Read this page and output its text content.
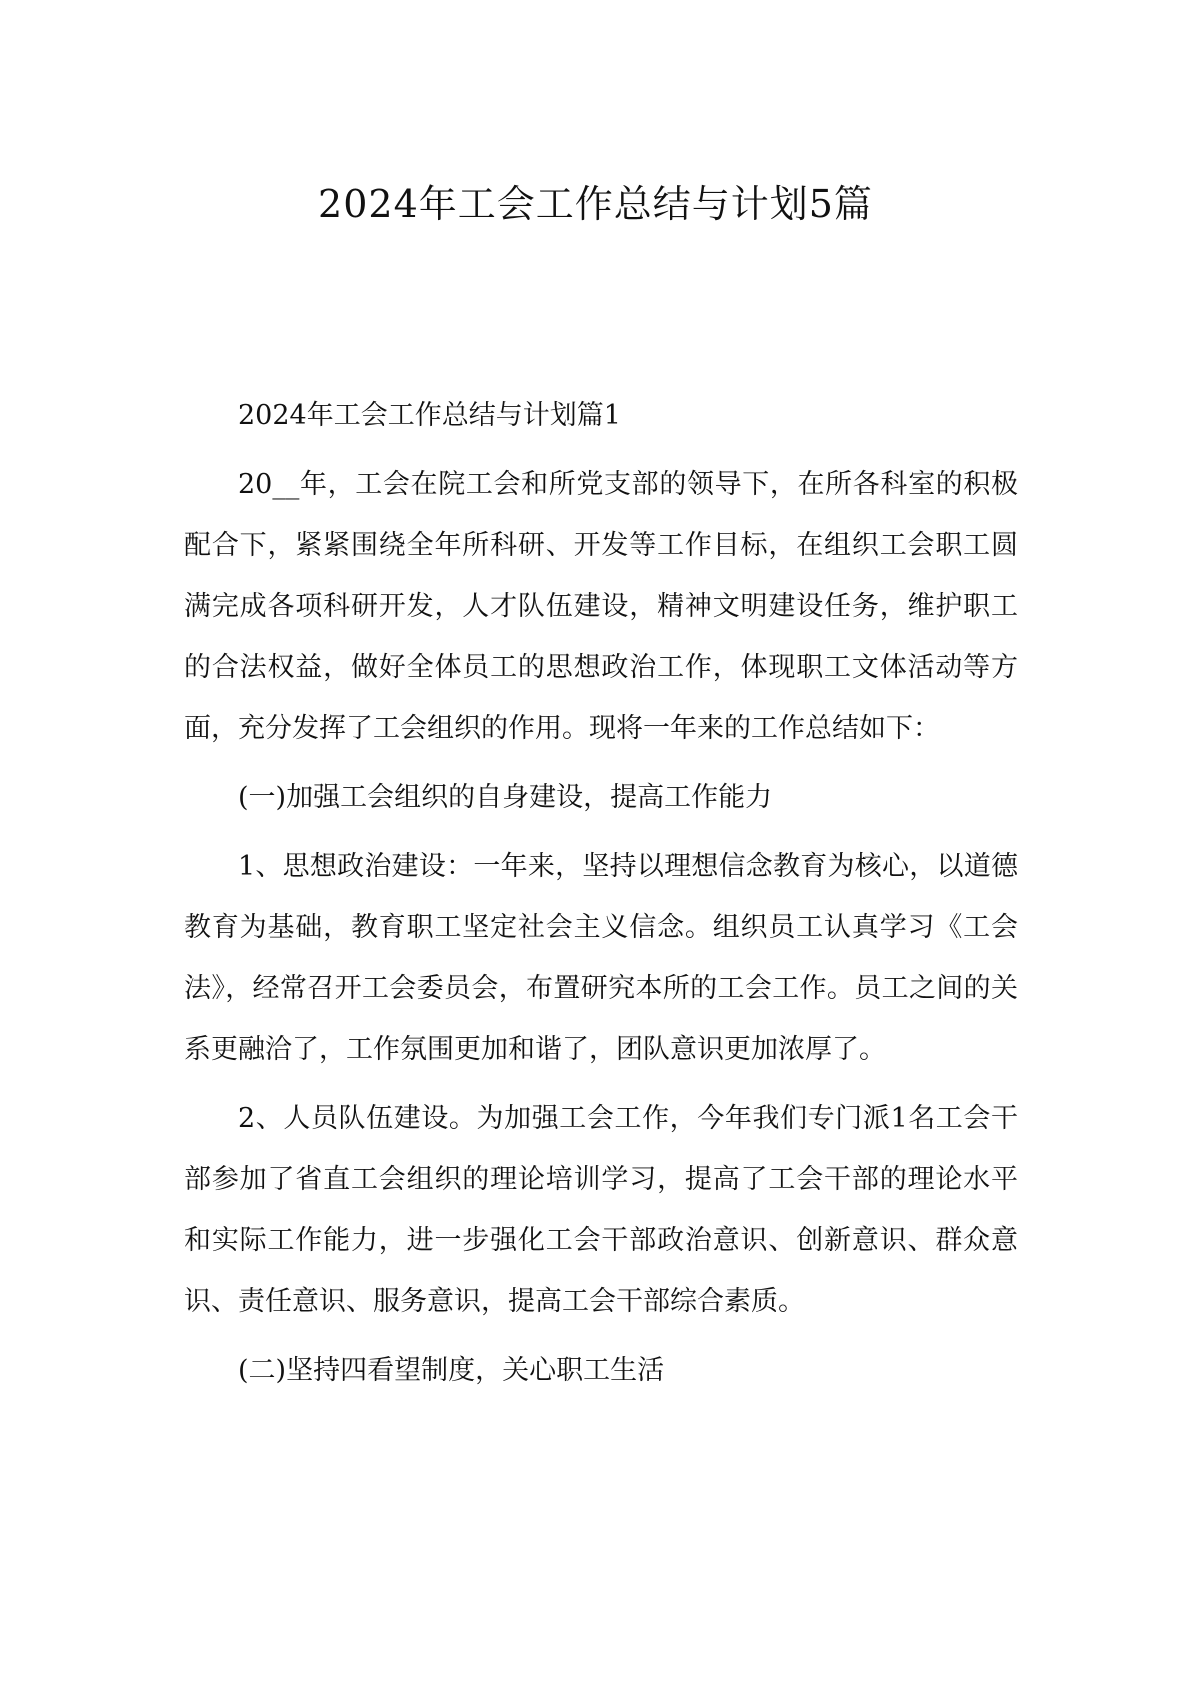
2024年工会工作总结与计划5篇

2024年工会工作总结与计划篇1

20__年，工会在院工会和所党支部的领导下，在所各科室的积极配合下，紧紧围绕全年所科研、开发等工作目标，在组织工会职工圆满完成各项科研开发，人才队伍建设，精神文明建设任务，维护职工的合法权益，做好全体员工的思想政治工作，体现职工文体活动等方面，充分发挥了工会组织的作用。现将一年来的工作总结如下：

(一)加强工会组织的自身建设，提高工作能力

1、思想政治建设：一年来，坚持以理想信念教育为核心，以道德教育为基础，教育职工坚定社会主义信念。组织员工认真学习《工会法》，经常召开工会委员会，布置研究本所的工会工作。员工之间的关系更融洽了，工作氛围更加和谐了，团队意识更加浓厚了。

2、人员队伍建设。为加强工会工作，今年我们专门派1名工会干部参加了省直工会组织的理论培训学习，提高了工会干部的理论水平和实际工作能力，进一步强化工会干部政治意识、创新意识、群众意识、责任意识、服务意识，提高工会干部综合素质。

(二)坚持四看望制度，关心职工生活
